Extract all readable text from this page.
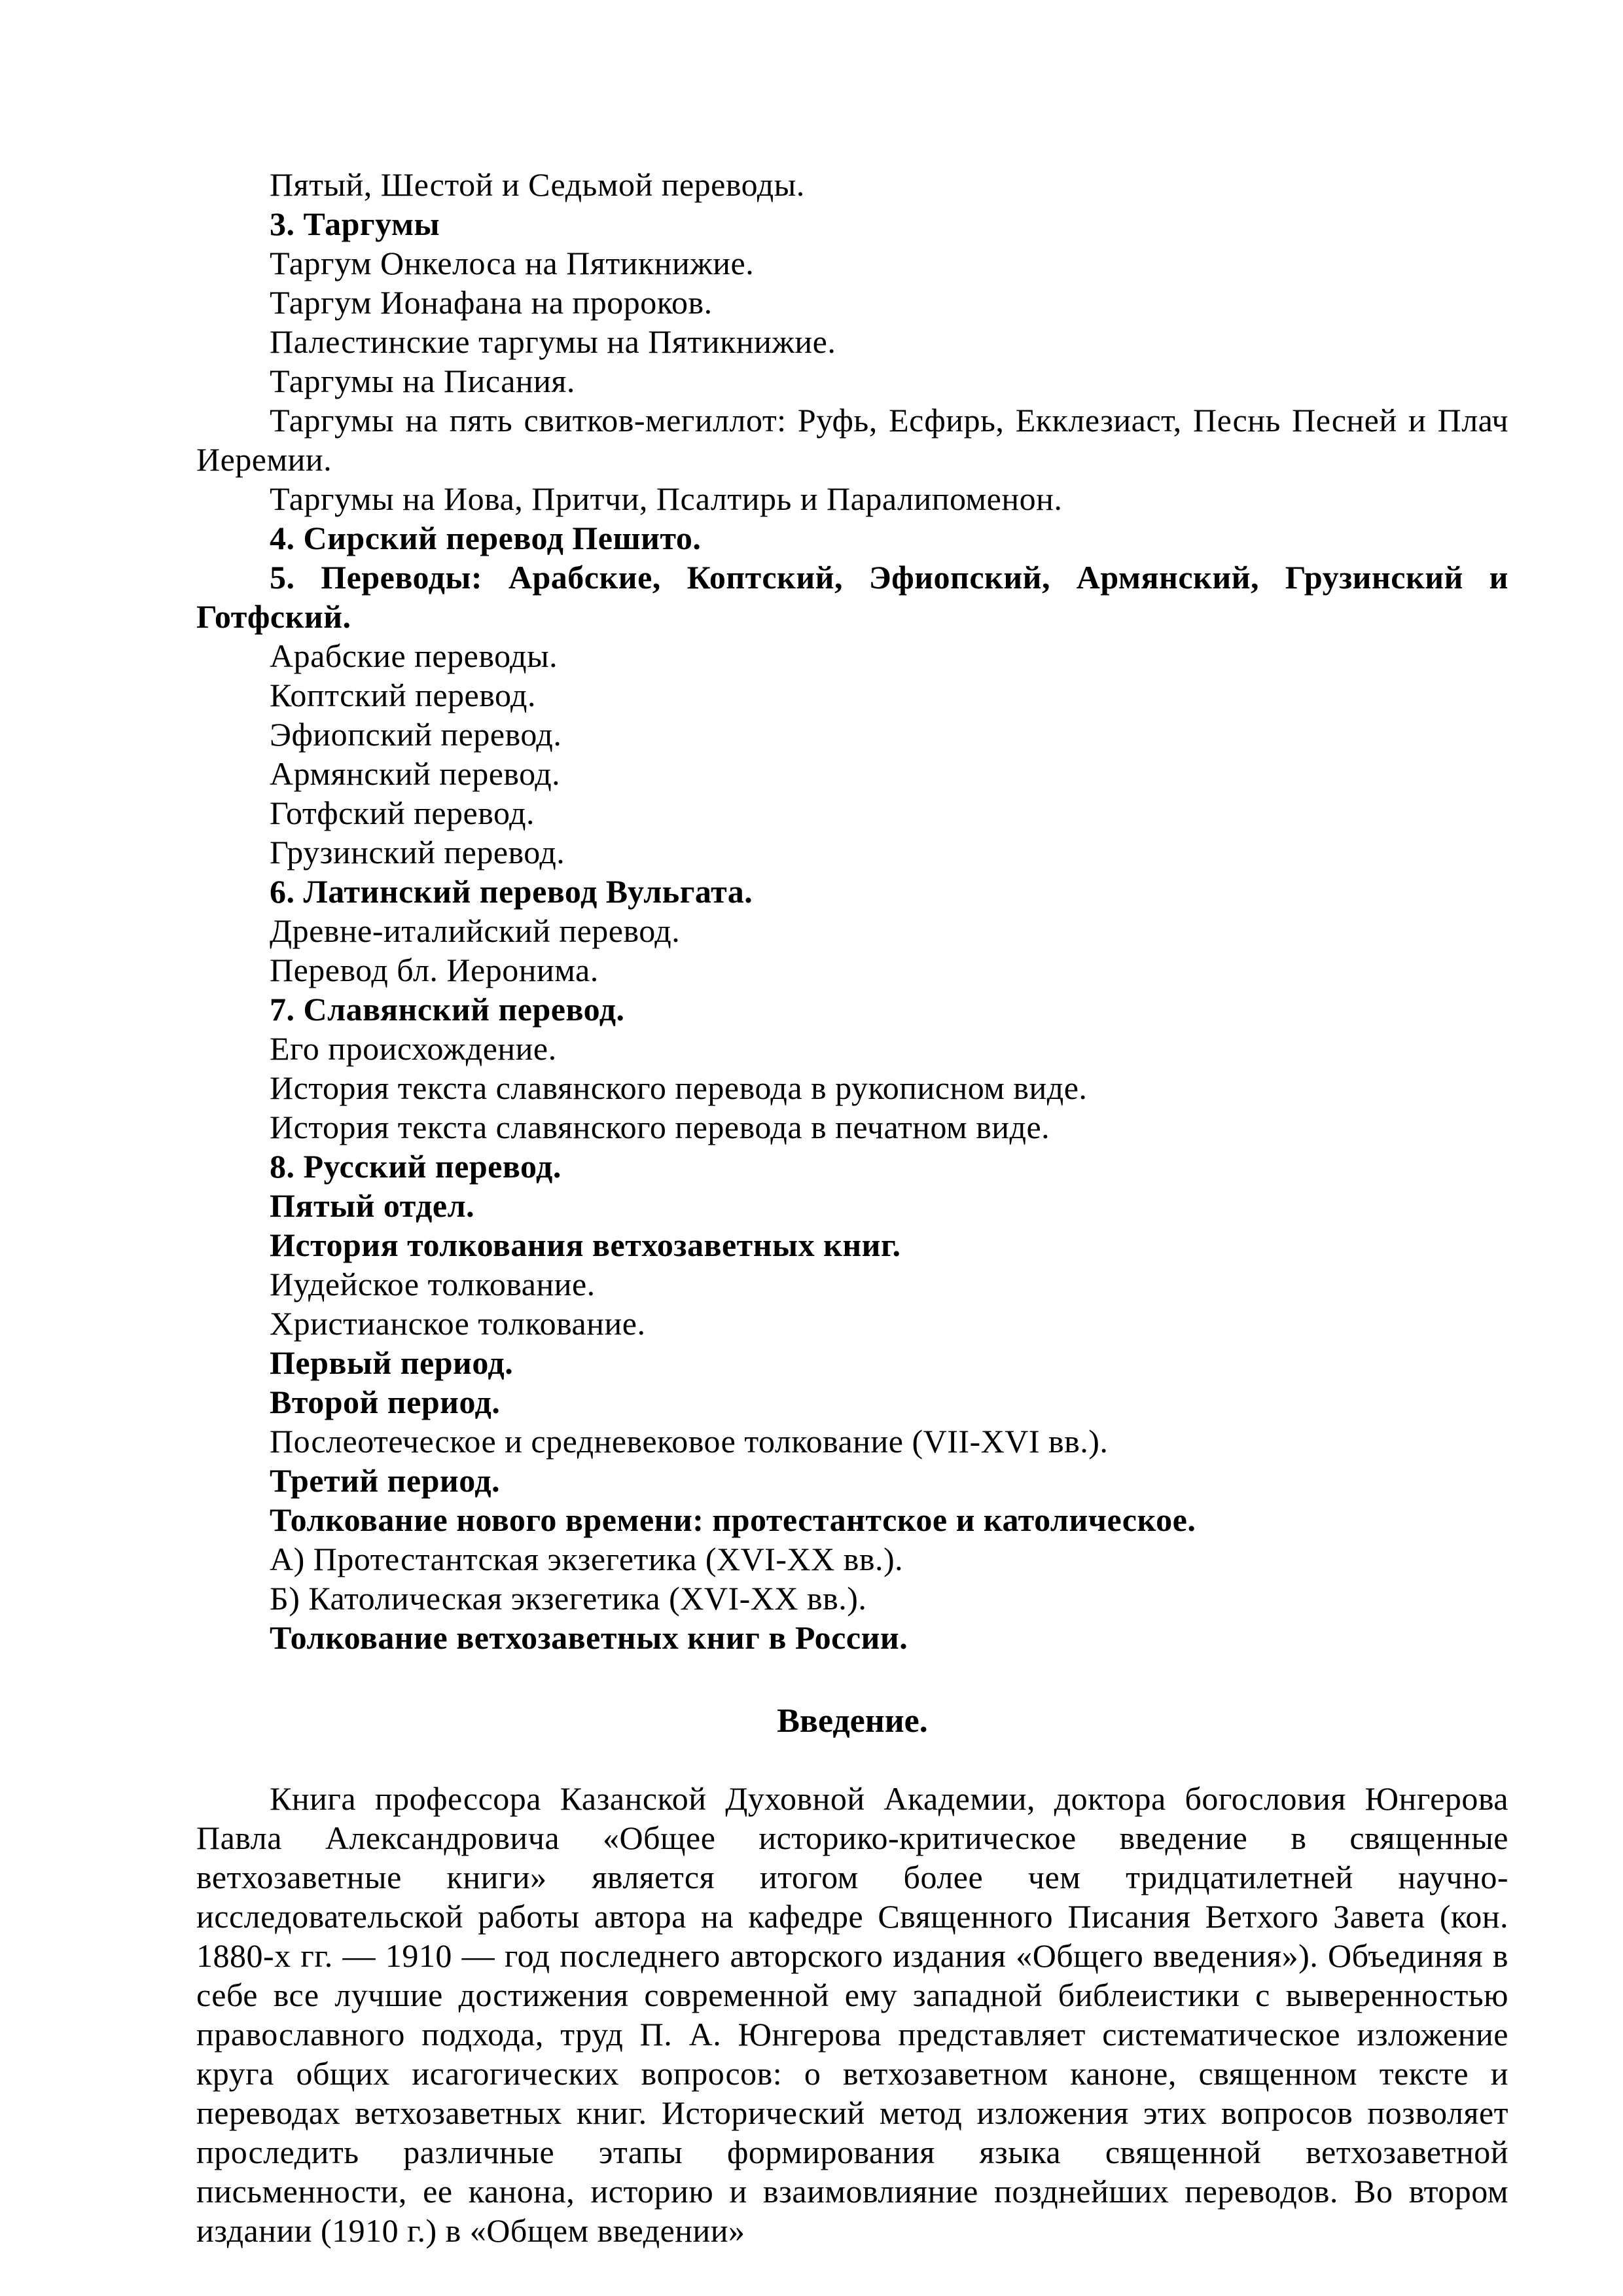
Пятый, Шестой и Седьмой переводы.

3. Таргумы

Таргум Онкелоса на Пятикнижие.

Таргум Ионафана на пророков.

Палестинские таргумы на Пятикнижие.

Таргумы на Писания.

Таргумы на пять свитков-мегиллот: Руфь, Есфирь, Екклезиаст, Песнь Песней и Плач Иеремии.

Таргумы на Иова, Притчи, Псалтирь и Паралипоменон.

4. Сирский перевод Пешито.

5. Переводы: Арабские, Коптский, Эфиопский, Армянский, Грузинский и Готфский.

Арабские переводы.

Коптский перевод.

Эфиопский перевод.

Армянский перевод.

Готфский перевод.

Грузинский перевод.

6. Латинский перевод Вульгата.

Древне-италийский перевод.

Перевод бл. Иеронима.

7. Славянский перевод.

Его происхождение.

История текста славянского перевода в рукописном виде.

История текста славянского перевода в печатном виде.

8. Русский перевод.

Пятый отдел.

История толкования ветхозаветных книг.

Иудейское толкование.

Христианское толкование.

Первый период.

Второй период.

Послеотеческое и средневековое толкование (VII-XVI вв.).

Третий период.

Толкование нового времени: протестантское и католическое.

А) Протестантская экзегетика (XVI-XX вв.).

Б) Католическая экзегетика (XVI-XX вв.).

Толкование ветхозаветных книг в России.

Введение.

Книга профессора Казанской Духовной Академии, доктора богословия Юнгерова Павла Александровича «Общее историко-критическое введение в священные ветхозаветные книги» является итогом более чем тридцатилетней научно-исследовательской работы автора на кафедре Священного Писания Ветхого Завета (кон. 1880-х гг. — 1910 — год последнего авторского издания «Общего введения»). Объединяя в себе все лучшие достижения современной ему западной библеистики с выверенностью православного подхода, труд П. А. Юнгерова представляет систематическое изложение круга общих исагогических вопросов: о ветхозаветном каноне, священном тексте и переводах ветхозаветных книг. Исторический метод изложения этих вопросов позволяет проследить различные этапы формирования языка священной ветхозаветной письменности, ее канона, историю и взаимовлияние позднейших переводов. Во втором издании (1910 г.) в «Общем введении»
